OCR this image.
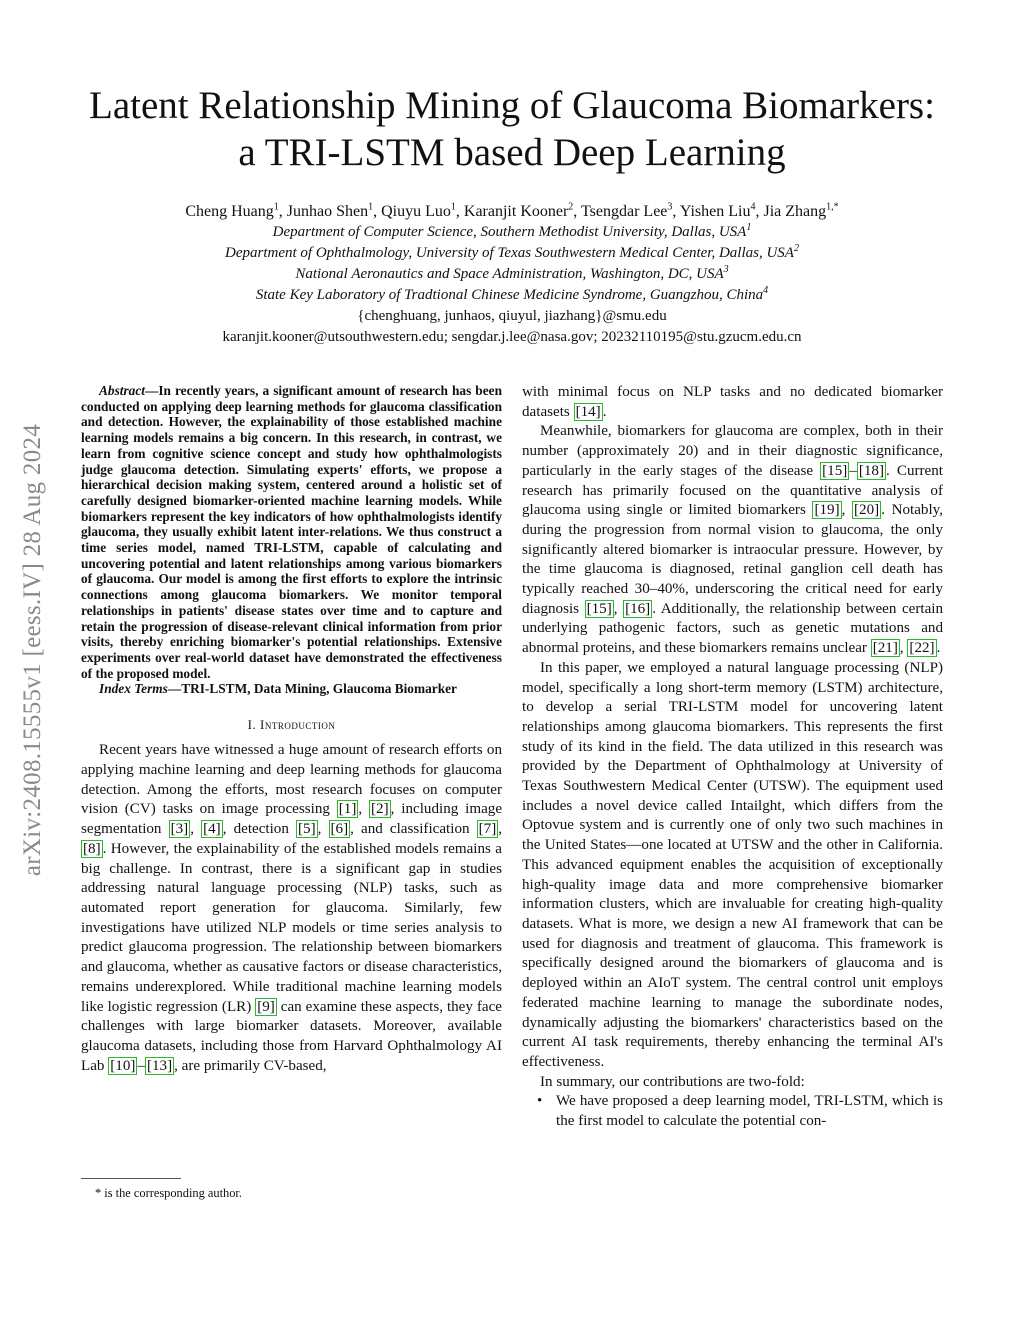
arXiv:2408.15555v1 [eess.IV] 28 Aug 2024
Latent Relationship Mining of Glaucoma Biomarkers: a TRI-LSTM based Deep Learning
Cheng Huang$^1$, Junhao Shen$^1$, Qiuyu Luo$^1$, Karanjit Kooner$^2$, Tsengdar Lee$^3$, Yishen Liu$^4$, Jia Zhang$^{1,*}$
Department of Computer Science, Southern Methodist University, Dallas, USA$^1$
Department of Ophthalmology, University of Texas Southwestern Medical Center, Dallas, USA$^2$
National Aeronautics and Space Administration, Washington, DC, USA$^3$
State Key Laboratory of Tradtional Chinese Medicine Syndrome, Guangzhou, China$^4$
{chenghuang, junhaos, qiuyul, jiazhang}@smu.edu
karanjit.kooner@utsouthwestern.edu; sengdar.j.lee@nasa.gov; 20232110195@stu.gzucm.edu.cn

Abstract—In recently years, a significant amount of research has been conducted on applying deep learning methods for glaucoma classification and detection. However, the explainability of those established machine learning models remains a big concern. In this research, in contrast, we learn from cognitive science concept and study how ophthalmologists judge glaucoma detection. Simulating experts' efforts, we propose a hierarchical decision making system, centered around a holistic set of carefully designed biomarker-oriented machine learning models. While biomarkers represent the key indicators of how ophthalmologists identify glaucoma, they usually exhibit latent inter-relations. We thus construct a time series model, named TRI-LSTM, capable of calculating and uncovering potential and latent relationships among various biomarkers of glaucoma. Our model is among the first efforts to explore the intrinsic connections among glaucoma biomarkers. We monitor temporal relationships in patients' disease states over time and to capture and retain the progression of disease-relevant clinical information from prior visits, thereby enriching biomarker's potential relationships. Extensive experiments over real-world dataset have demonstrated the effectiveness of the proposed model.

Index Terms—TRI-LSTM, Data Mining, Glaucoma Biomarker

I. Introduction

Recent years have witnessed a huge amount of research efforts on applying machine learning and deep learning methods for glaucoma detection. Among the efforts, most research focuses on computer vision (CV) tasks on image processing [1] , [2] , including image segmentation [3] , [4] , detection [5] , [6] , and classification [7] , [8] . However, the explainability of the established models remains a big challenge. In contrast, there is a significant gap in studies addressing natural language processing (NLP) tasks, such as automated report generation for glaucoma. Similarly, few investigations have utilized NLP models or time series analysis to predict glaucoma progression. The relationship between biomarkers and glaucoma, whether as causative factors or disease characteristics, remains underexplored. While traditional machine learning models like logistic regression (LR) [9] can examine these aspects, they face challenges with large biomarker datasets. Moreover, available glaucoma datasets, including those from Harvard Ophthalmology AI Lab [10] – [13] , are primarily CV-based,

* is the corresponding author.

with minimal focus on NLP tasks and no dedicated biomarker datasets [14] .

Meanwhile, biomarkers for glaucoma are complex, both in their number (approximately 20) and in their diagnostic significance, particularly in the early stages of the disease [15] – [18] . Current research has primarily focused on the quantitative analysis of glaucoma using single or limited biomarkers [19] , [20] . Notably, during the progression from normal vision to glaucoma, the only significantly altered biomarker is intraocular pressure. However, by the time glaucoma is diagnosed, retinal ganglion cell death has typically reached 30–40%, underscoring the critical need for early diagnosis [15] , [16] . Additionally, the relationship between certain underlying pathogenic factors, such as genetic mutations and abnormal proteins, and these biomarkers remains unclear [21] , [22] .

In this paper, we employed a natural language processing (NLP) model, specifically a long short-term memory (LSTM) architecture, to develop a serial TRI-LSTM model for uncovering latent relationships among glaucoma biomarkers. This represents the first study of its kind in the field. The data utilized in this research was provided by the Department of Ophthalmology at University of Texas Southwestern Medical Center (UTSW). The equipment used includes a novel device called Intailght, which differs from the Optovue system and is currently one of only two such machines in the United States—one located at UTSW and the other in California. This advanced equipment enables the acquisition of exceptionally high-quality image data and more comprehensive biomarker information clusters, which are invaluable for creating high-quality datasets. What is more, we design a new AI framework that can be used for diagnosis and treatment of glaucoma. This framework is specifically designed around the biomarkers of glaucoma and is deployed within an AIoT system. The central control unit employs federated machine learning to manage the subordinate nodes, dynamically adjusting the biomarkers' characteristics based on the current AI task requirements, thereby enhancing the terminal AI's effectiveness.

In summary, our contributions are two-fold:

• We have proposed a deep learning model, TRI-LSTM, which is the first model to calculate the potential con-
